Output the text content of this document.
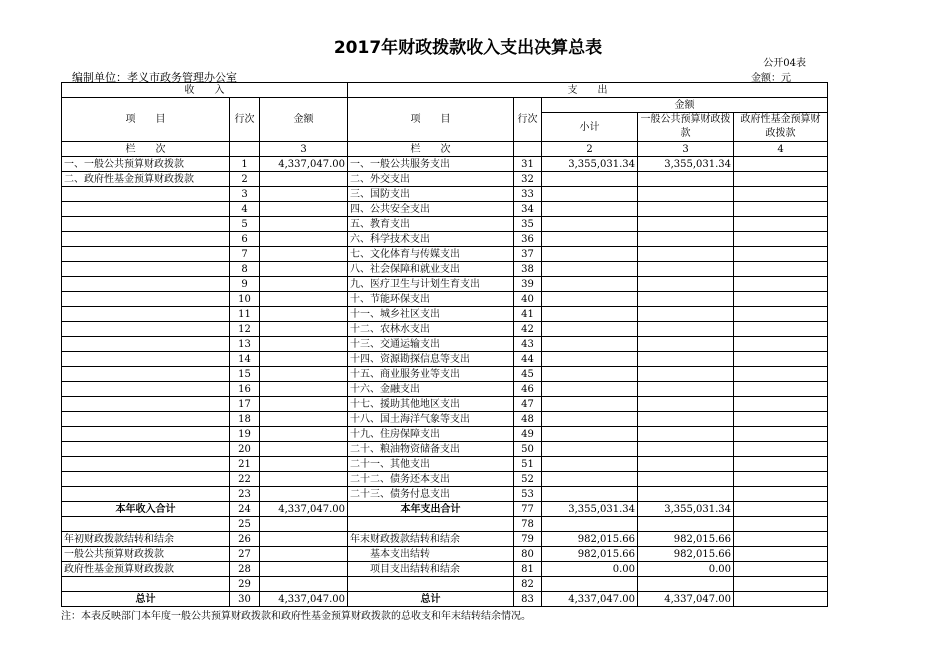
2017年财政拨款收入支出决算总表
公开04表
编制单位：孝义市政务管理办公室	金额：元
收　　入			支　　出				
项　　目	行次	金额	项　　目	行次	金额		
					小计	一般公共预算财政拨款	政府性基金预算财政拨款

栏　　次		3	栏　　次		2	3	4
一、一般公共预算财政拨款	1	4,337,047.00	一、一般公共服务支出	31	3,355,031.34	3,355,031.34	
二、政府性基金预算财政拨款	2		二、外交支出	32			
	3		三、国防支出	33			
	4		四、公共安全支出	34			
	5		五、教育支出	35			
	6		六、科学技术支出	36			
	7		七、文化体育与传媒支出	37			
	8		八、社会保障和就业支出	38			
	9		九、医疗卫生与计划生育支出	39			
	10		十、节能环保支出	40			
	11		十一、城乡社区支出	41			
	12		十二、农林水支出	42			
	13		十三、交通运输支出	43			
	14		十四、资源勘探信息等支出	44			
	15		十五、商业服务业等支出	45			
	16		十六、金融支出	46			
	17		十七、援助其他地区支出	47			
	18		十八、国土海洋气象等支出	48			
	19		十九、住房保障支出	49			
	20		二十、粮油物资储备支出	50			
	21		二十一、其他支出	51			
	22		二十二、债务还本支出	52			
	23		二十三、债务付息支出	53			
本年收入合计	24	4,337,047.00	本年支出合计	77	3,355,031.34	3,355,031.34	
	25			78			
年初财政拨款结转和结余	26		年末财政拨款结转和结余	79	982,015.66	982,015.66	
一般公共预算财政拨款	27		　　基本支出结转	80	982,015.66	982,015.66	
政府性基金预算财政拨款	28		　　项目支出结转和结余	81	0.00	0.00	
	29			82			
总计	30	4,337,047.00	总计	83	4,337,047.00	4,337,047.00	
注：本表反映部门本年度一般公共预算财政拨款和政府性基金预算财政拨款的总收支和年末结转结余情况。
